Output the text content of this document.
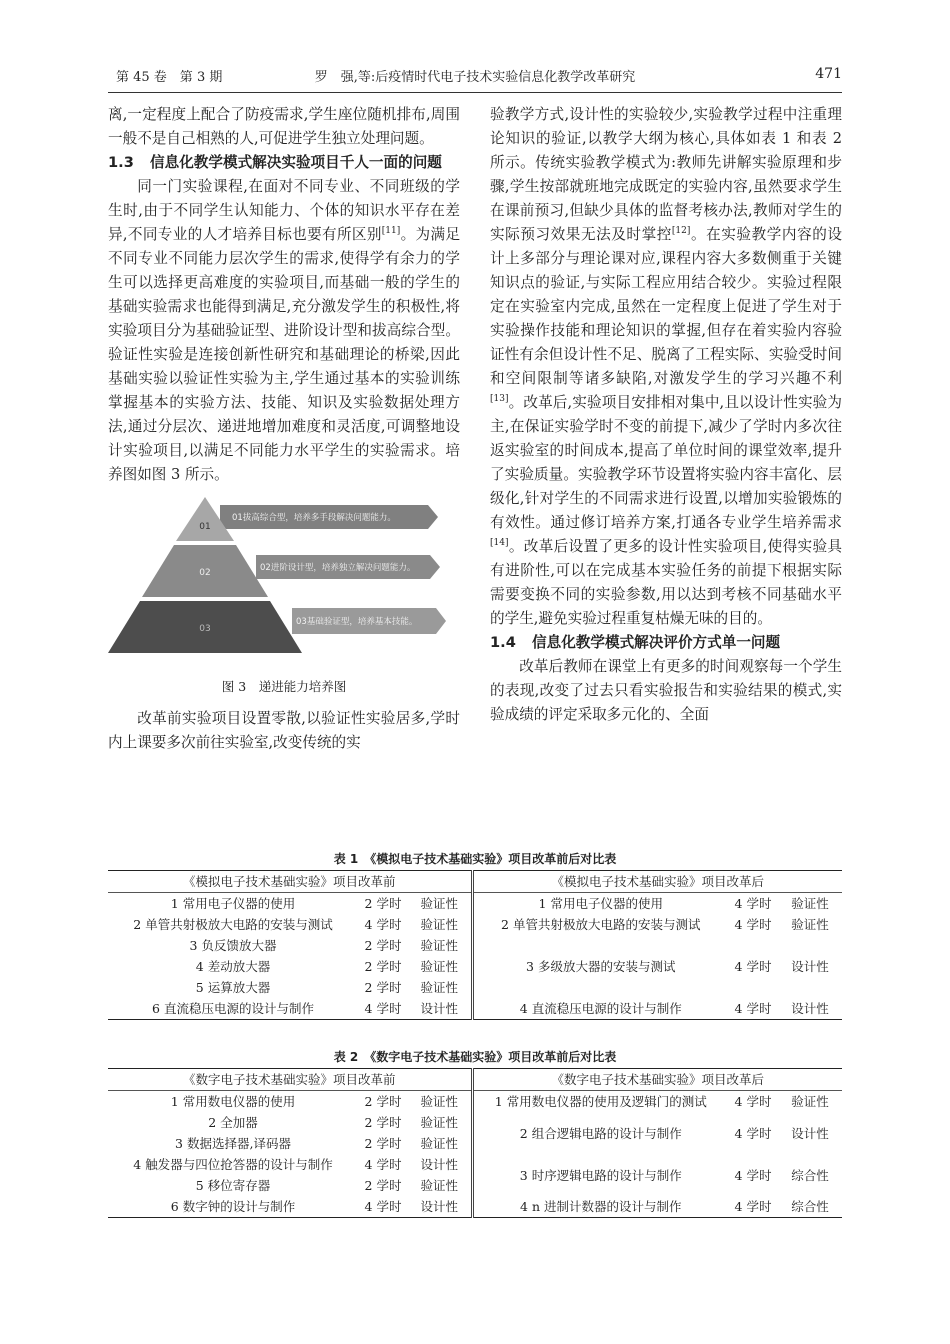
第 45 卷　第 3 期	罗　强,等:后疫情时代电子技术实验信息化教学改革研究	471

离,一定程度上配合了防疫需求,学生座位随机排布,周围一般不是自己相熟的人,可促进学生独立处理问题。

1.3	信息化教学模式解决实验项目千人一面的问题

同一门实验课程,在面对不同专业、不同班级的学生时,由于不同学生认知能力、个体的知识水平存在差异,不同专业的人才培养目标也要有所区别[11]。为满足不同专业不同能力层次学生的需求,使得学有余力的学生可以选择更高难度的实验项目,而基础一般的学生的基础实验需求也能得到满足,充分激发学生的积极性,将实验项目分为基础验证型、进阶设计型和拔高综合型。验证性实验是连接创新性研究和基础理论的桥梁,因此基础实验以验证性实验为主,学生通过基本的实验训练掌握基本的实验方法、技能、知识及实验数据处理方法,通过分层次、递进地增加难度和灵活度,可调整地设计实验项目,以满足不同能力水平学生的实验需求。培养图如图 3 所示。

01
02
03
01拔高综合型，培养多手段解决问题能力。
02进阶设计型，培养独立解决问题能力。
03基础验证型，培养基本技能。
图 3　递进能力培养图

改革前实验项目设置零散,以验证性实验居多,学时内上课要多次前往实验室,改变传统的实

验教学方式,设计性的实验较少,实验教学过程中注重理论知识的验证,以教学大纲为核心,具体如表 1 和表 2 所示。传统实验教学模式为:教师先讲解实验原理和步骤,学生按部就班地完成既定的实验内容,虽然要求学生在课前预习,但缺少具体的监督考核办法,教师对学生的实际预习效果无法及时掌控[12]。在实验教学内容的设计上多部分与理论课对应,课程内容大多数侧重于关键知识点的验证,与实际工程应用结合较少。实验过程限定在实验室内完成,虽然在一定程度上促进了学生对于实验操作技能和理论知识的掌握,但存在着实验内容验证性有余但设计性不足、脱离了工程实际、实验受时间和空间限制等诸多缺陷,对激发学生的学习兴趣不利[13]。改革后,实验项目安排相对集中,且以设计性实验为主,在保证实验学时不变的前提下,减少了学时内多次往返实验室的时间成本,提高了单位时间的课堂效率,提升了实验质量。实验教学环节设置将实验内容丰富化、层级化,针对学生的不同需求进行设置,以增加实验锻炼的有效性。通过修订培养方案,打通各专业学生培养需求[14]。改革后设置了更多的设计性实验项目,使得实验具有进阶性,可以在完成基本实验任务的前提下根据实际需要变换不同的实验参数,用以达到考核不同基础水平的学生,避免实验过程重复枯燥无味的目的。

1.4	信息化教学模式解决评价方式单一问题

改革后教师在课堂上有更多的时间观察每一个学生的表现,改变了过去只看实验报告和实验结果的模式,实验成绩的评定采取多元化的、全面

表 1　《模拟电子技术基础实验》项目改革前后对比表
《模拟电子技术基础实验》项目改革前			《模拟电子技术基础实验》项目改革后		
1 常用电子仪器的使用	2 学时	验证性	1 常用电子仪器的使用	4 学时	验证性
2 单管共射极放大电路的安装与测试	4 学时	验证性	2 单管共射极放大电路的安装与测试	4 学时	验证性
3 负反馈放大器	2 学时	验证性	3 多级放大器的安装与测试	4 学时	设计性
4 差动放大器	2 学时	验证性			
5 运算放大器	2 学时	验证性			
6 直流稳压电源的设计与制作	4 学时	设计性	4 直流稳压电源的设计与制作	4 学时	设计性
表 2　《数字电子技术基础实验》项目改革前后对比表
《数字电子技术基础实验》项目改革前			《数字电子技术基础实验》项目改革后		
1 常用数电仪器的使用	2 学时	验证性	1 常用数电仪器的使用及逻辑门的测试	4 学时	验证性
2 全加器	2 学时	验证性	2 组合逻辑电路的设计与制作	4 学时	设计性
3 数据选择器,译码器	2 学时	验证性			
4 触发器与四位抢答器的设计与制作	4 学时	设计性	3 时序逻辑电路的设计与制作	4 学时	综合性
5 移位寄存器	2 学时	验证性			
6 数字钟的设计与制作	4 学时	设计性	4 n 进制计数器的设计与制作	4 学时	综合性
